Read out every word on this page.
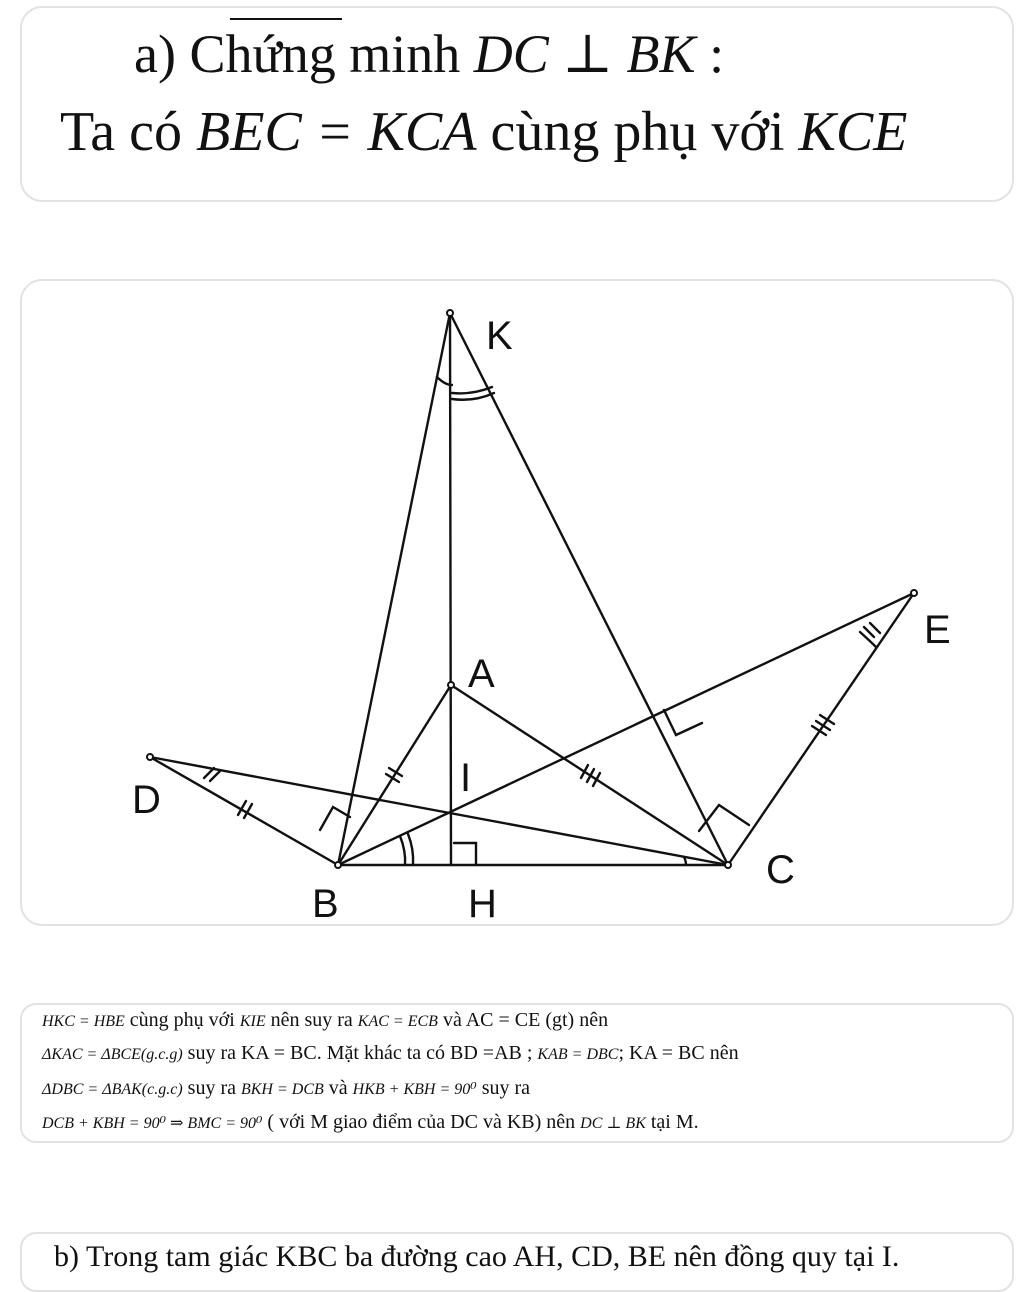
a) Chứng minh DC ⊥ BK :
Ta có BEC = KCA cùng phụ với KCE
K
E
A
D	I
B	H
C
HKC = HBE cùng phụ với KIE nên suy ra KAC = ECB và AC = CE (gt) nên
ΔKAC = ΔBCE(g.c.g) suy ra KA = BC. Mặt khác ta có BD =AB ; KAB = DBC; KA = BC nên
ΔDBC = ΔBAK(c.g.c) suy ra BKH = DCB và HKB + KBH = 90⁰ suy ra
DCB + KBH = 90⁰ ⇒ BMC = 90⁰ ( với M giao điểm của DC và KB) nên DC ⊥ BK tại M.
b) Trong tam giác KBC ba đường cao AH, CD, BE nên đồng quy tại I.
